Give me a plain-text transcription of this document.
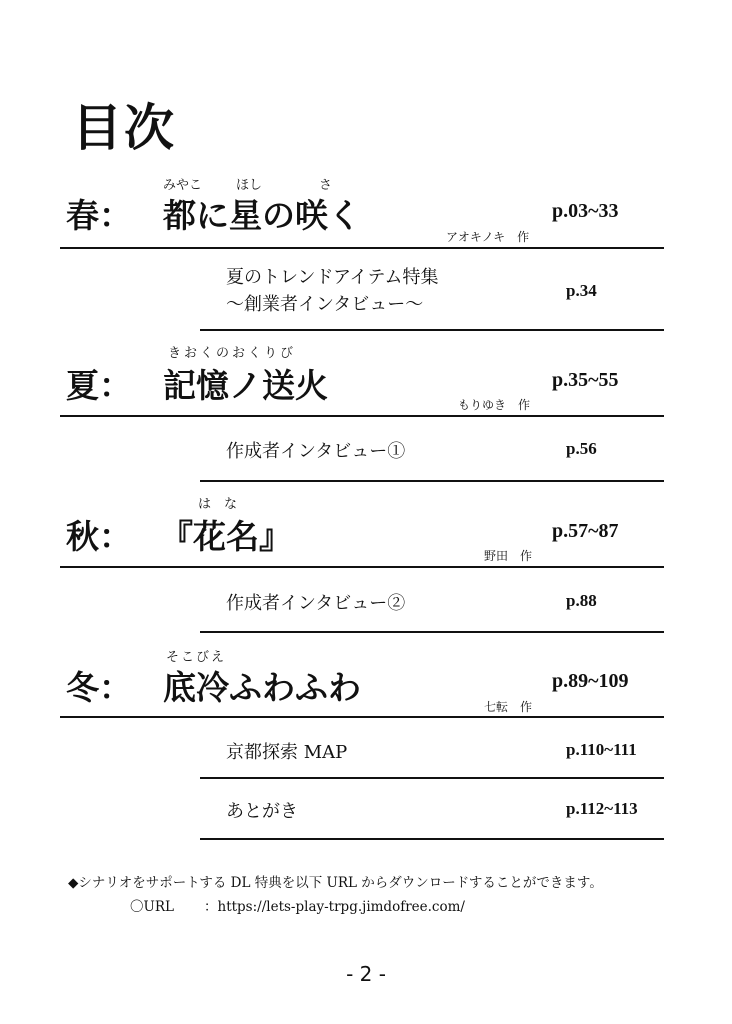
目次
みやこ	ほし	さ
春： 都に星の咲く	p.03~33
アオキノキ　作
夏のトレンドアイテム特集
～創業者インタビュー～
p.34
きおくのおくりび
夏： 記憶ノ送火	p.35~55
もりゆき　作
作成者インタビュー①	p.56
は　な
秋： 『花名』	p.57~87
野田　作
作成者インタビュー②	p.88
そこびえ
冬： 底冷ふわふわ	p.89~109
七転　作
京都探索 MAP	p.110~111
あとがき	p.112~113
◆シナリオをサポートする DL 特典を以下 URL からダウンロードすることができます。
〇URL ：https://lets-play-trpg.jimdofree.com/
- 2 -
